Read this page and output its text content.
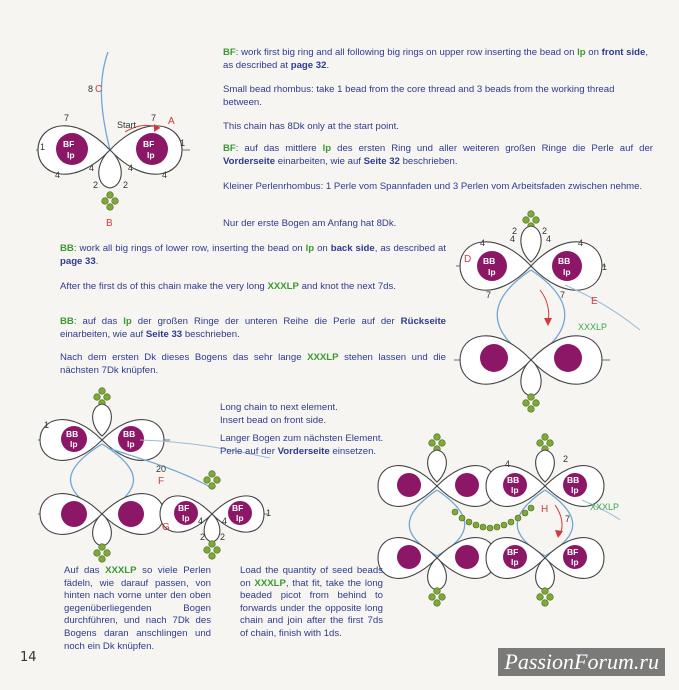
BF
lp
BF
lp
8 C
Start	A
B
7	7
1	1
4
4	4
4
2	2
BB
lp
BB
lp
D
E
XXXLP
4	4	4	4
2	2
1
7	7
BB
lp
BB
lp
BF
lp
BF
lp
20
F
G
1
4 4
2 2
1
BB
lp
BB
lp
BF
lp
BF
lp
H	XXXLP
7
2
4
BF: work first big ring and all following big rings on upper row inserting the bead on lp on front side, as described at page 32.
Small bead rhombus: take 1 bead from the core thread and 3 beads from the working thread between.
This chain has 8Dk only at the start point.
BF: auf das mittlere lp des ersten Ring und aller weiteren großen Ringe die Perle auf der Vorderseite einarbeiten, wie auf Seite 32 beschrieben.
Kleiner Perlenrhombus: 1 Perle vom Spannfaden und 3 Perlen vom Arbeitsfaden zwischen nehme.
Nur der erste Bogen am Anfang hat 8Dk.
BB: work all big rings of lower row, inserting the bead on lp on back side, as described at page 33.
After the first ds of this chain make the very long XXXLP and knot the next 7ds.
BB: auf das lp der großen Ringe der unteren Reihe die Perle auf der Rückseite einarbeiten, wie auf Seite 33 beschrieben.
Nach dem ersten Dk dieses Bogens das sehr lange XXXLP stehen lassen und die nächsten 7Dk knüpfen.
Long chain to next element.
Insert bead on front side.
Langer Bogen zum nächsten Element.
Perle auf der Vorderseite einsetzen.
Auf das XXXLP so viele Perlen fädeln, wie darauf passen, von hinten nach vorne unter den oben gegenüberliegenden Bogen durchführen, und nach 7Dk des Bogens daran anschlingen und noch ein Dk knüpfen.
Load the quantity of seed beads on XXXLP, that fit, take the long beaded picot from behind to forwards under the opposite long chain and join after the first 7ds of chain, finish with 1ds.
14	PassionForum.ru
